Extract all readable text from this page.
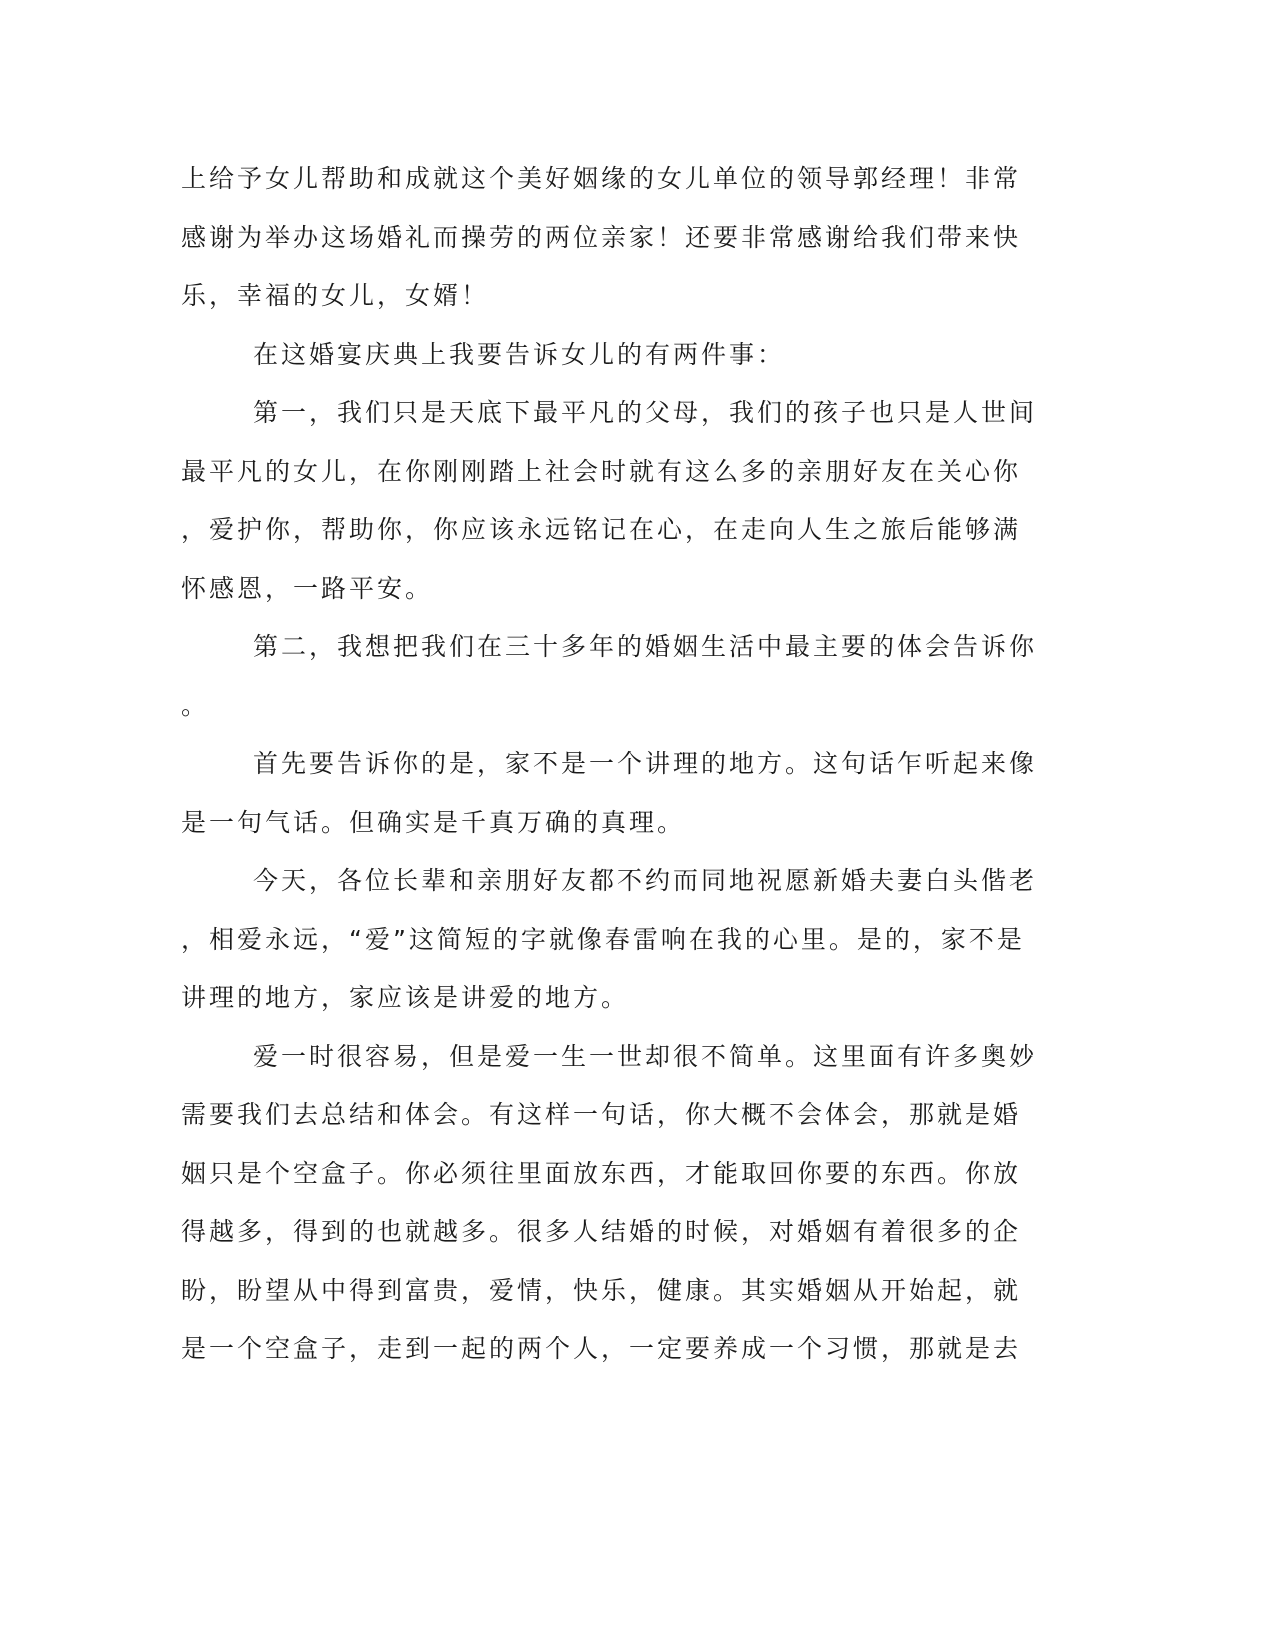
上给予女儿帮助和成就这个美好姻缘的女儿单位的领导郭经理！非常
感谢为举办这场婚礼而操劳的两位亲家！还要非常感谢给我们带来快
乐，幸福的女儿，女婿！
在这婚宴庆典上我要告诉女儿的有两件事：
第一，我们只是天底下最平凡的父母，我们的孩子也只是人世间
最平凡的女儿，在你刚刚踏上社会时就有这么多的亲朋好友在关心你
，爱护你，帮助你，你应该永远铭记在心，在走向人生之旅后能够满
怀感恩，一路平安。
第二，我想把我们在三十多年的婚姻生活中最主要的体会告诉你
。
首先要告诉你的是，家不是一个讲理的地方。这句话乍听起来像
是一句气话。但确实是千真万确的真理。
今天，各位长辈和亲朋好友都不约而同地祝愿新婚夫妻白头偕老
，相爱永远，“爱”这简短的字就像春雷响在我的心里。是的，家不是
讲理的地方，家应该是讲爱的地方。
爱一时很容易，但是爱一生一世却很不简单。这里面有许多奥妙
需要我们去总结和体会。有这样一句话，你大概不会体会，那就是婚
姻只是个空盒子。你必须往里面放东西，才能取回你要的东西。你放
得越多，得到的也就越多。很多人结婚的时候，对婚姻有着很多的企
盼，盼望从中得到富贵，爱情，快乐，健康。其实婚姻从开始起，就
是一个空盒子，走到一起的两个人，一定要养成一个习惯，那就是去
